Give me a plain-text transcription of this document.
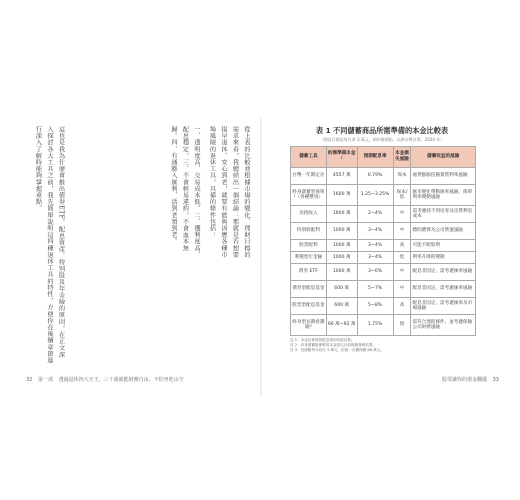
從上表的比較並根據市場的變化、理財目標的需求來看，我總結出一個結論：那就是若想要提早退休、安心到老，就要有能夠因應各種市場風險的退休工具，具備的條件包括：

一、透明度高、交易成本低。二、獲利度高、配息穩定。三、不會輕易違約，不會血本無歸。四、有通膨入匯利、活到老領到老。

這也是我為什麼會推出債券ETF、配息資產、特別股及年金險的原因，在正文深入探討各大工具之前，我先簡單說明這四種退休工具的特性，方便你在後續章節進行深入了解時能夠掌握重點。

32 第一部 透過退休四大天王，三十歲就能財務自由、不怕坐吃山空
表 1 不同儲蓄商品所需準備的本金比較表
（假設目標是每月拿 3 萬元，兩年後開始，以新台幣計算，2020 年）
儲蓄工具	約需準備本金¹	預期配息率	本金損失風險	儲蓄收益的風險
台幣一年期定存	4557 萬	0.79%	保本	通貨膨脹侵蝕實質利率風險
終身儲蓄型保單²（各種幣別）	1600 萬	1.25~3.25%	保本/低	匯市變化帶動匯率風險、保單利率變動風險
房租收入	1600 萬	2~4%	中	需考慮找不到房客及房貸利息成本
特別股配利	1000 萬	3~4%	中	標的選擇及公司營運風險
股票配利	1000 萬	3~4%	高	可能不配股利
利變型年金險	1000 萬	3~4%	低	利率升降的變動
債券 ETF	1000 萬	3~6%	中	配息非固定、需考慮匯率風險
債券型配息基金	600 萬	5~7%	中	配息非固定、需考慮匯率風險
股票型配息基金	600 萬	5~8%	高	配息非固定、需考慮匯率及市場風險
終身型長期看護險³	66 萬~92 萬	1.75%	無	需符合理賠條件、並考慮保險公司財務風險
註 1：本金計算係按配息率的均值計算。
註 2：終身儲蓄險保單的本金是以目前保費複利估算。
註 3：長照險每月給付 3 萬元，約需一次繳保費 66 萬元。
股票讓你的現金翻漲 33
